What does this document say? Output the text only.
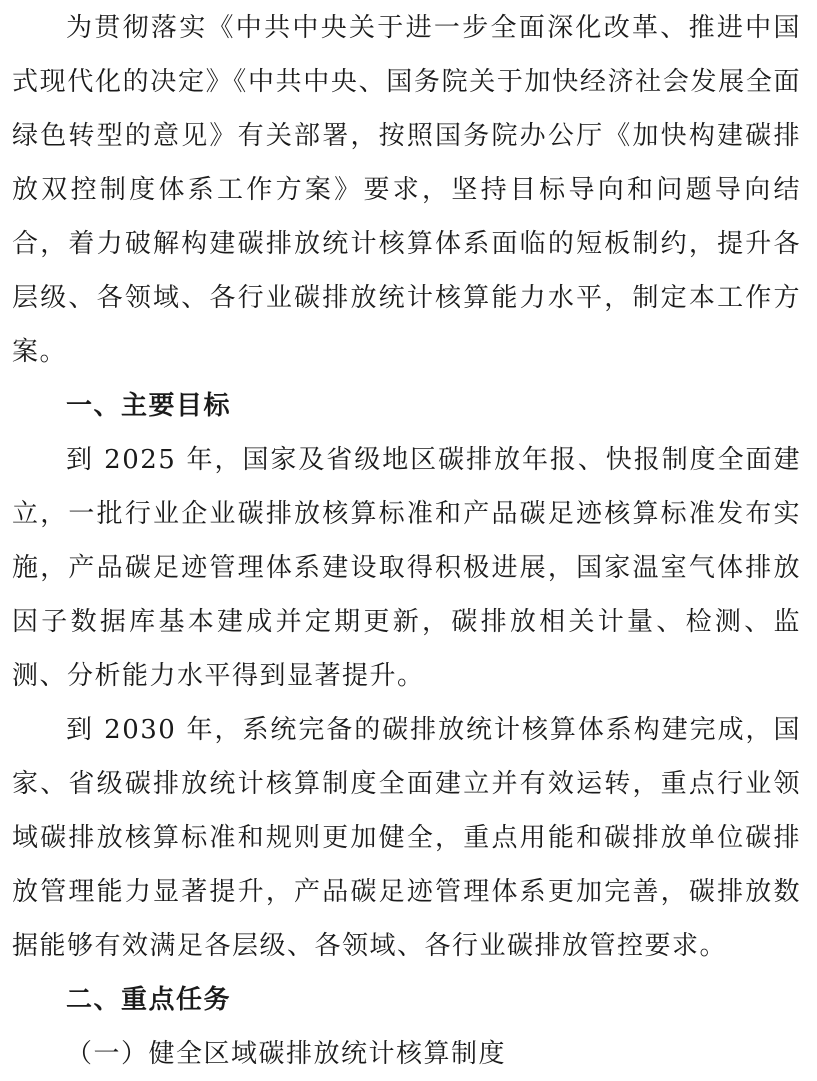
为贯彻落实《中共中央关于进一步全面深化改革、推进中国式现代化的决定》《中共中央、国务院关于加快经济社会发展全面绿色转型的意见》有关部署，按照国务院办公厅《加快构建碳排放双控制度体系工作方案》要求，坚持目标导向和问题导向结合，着力破解构建碳排放统计核算体系面临的短板制约，提升各层级、各领域、各行业碳排放统计核算能力水平，制定本工作方案。

一、主要目标

到 2025 年，国家及省级地区碳排放年报、快报制度全面建立，一批行业企业碳排放核算标准和产品碳足迹核算标准发布实施，产品碳足迹管理体系建设取得积极进展，国家温室气体排放因子数据库基本建成并定期更新，碳排放相关计量、检测、监测、分析能力水平得到显著提升。

到 2030 年，系统完备的碳排放统计核算体系构建完成，国家、省级碳排放统计核算制度全面建立并有效运转，重点行业领域碳排放核算标准和规则更加健全，重点用能和碳排放单位碳排放管理能力显著提升，产品碳足迹管理体系更加完善，碳排放数据能够有效满足各层级、各领域、各行业碳排放管控要求。

二、重点任务

（一）健全区域碳排放统计核算制度
